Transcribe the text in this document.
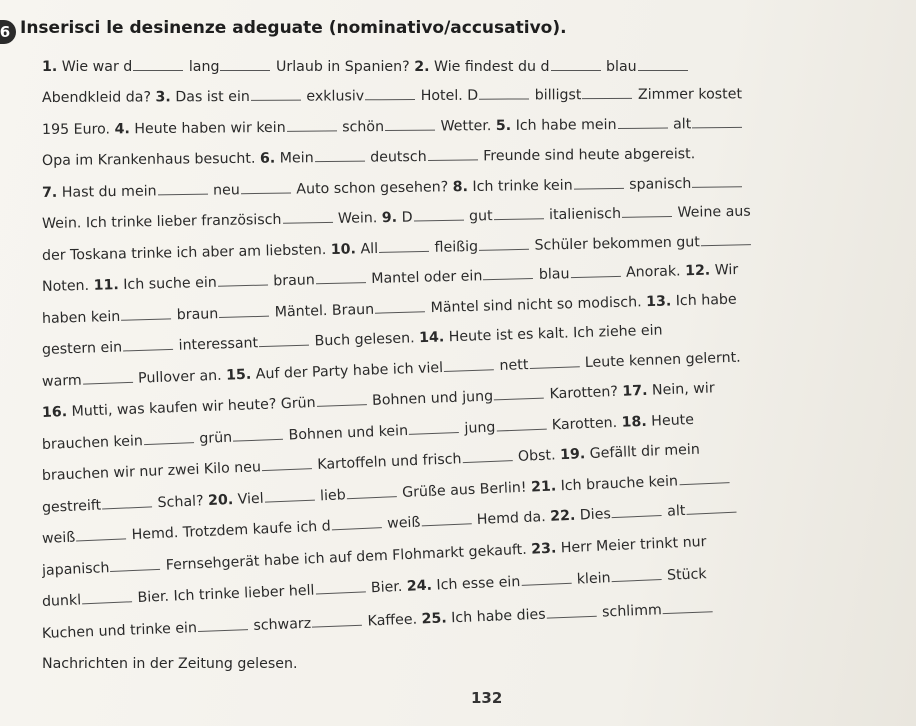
6 Inserisci le desinenze adeguate (nominativo/accusativo).
1. Wie war d	lang	Urlaub in Spanien? 2. Wie findest du d	blau
Abendkleid da? 3. Das ist ein	exklusiv	Hotel. D	billigst	Zimmer kostet
195 Euro. 4. Heute haben wir kein	schön	Wetter. 5. Ich habe mein	alt
Opa im Krankenhaus besucht. 6. Mein	deutsch	Freunde sind heute abgereist.
7. Hast du mein	neu	Auto schon gesehen? 8. Ich trinke kein	spanisch
Wein. Ich trinke lieber französisch	Wein. 9. D	gut	italienisch	Weine aus
der Toskana trinke ich aber am liebsten. 10. All	fleißig	Schüler bekommen gut
Noten. 11. Ich suche ein	braun	Mantel oder ein	blau	Anorak. 12. Wir
haben kein	braun	Mäntel. Braun	Mäntel sind nicht so modisch. 13. Ich habe
gestern ein	interessant	Buch gelesen. 14. Heute ist es kalt. Ich ziehe ein
warm	Pullover an. 15. Auf der Party habe ich viel	nett	Leute kennen gelernt.
16. Mutti, was kaufen wir heute? Grün	Bohnen und jung	Karotten? 17. Nein, wir
brauchen kein	grün	Bohnen und kein	jung	Karotten. 18. Heute
brauchen wir nur zwei Kilo neu	Kartoffeln und frisch	Obst. 19. Gefällt dir mein
gestreift	Schal? 20. Viel	lieb	Grüße aus Berlin! 21. Ich brauche kein
weiß	Hemd. Trotzdem kaufe ich d	weiß	Hemd da. 22. Dies	alt
japanisch	Fernsehgerät habe ich auf dem Flohmarkt gekauft. 23. Herr Meier trinkt nur
dunkl	Bier. Ich trinke lieber hell	Bier. 24. Ich esse ein	klein	Stück
Kuchen und trinke ein	schwarz	Kaffee. 25. Ich habe dies	schlimm
Nachrichten in der Zeitung gelesen.
132
